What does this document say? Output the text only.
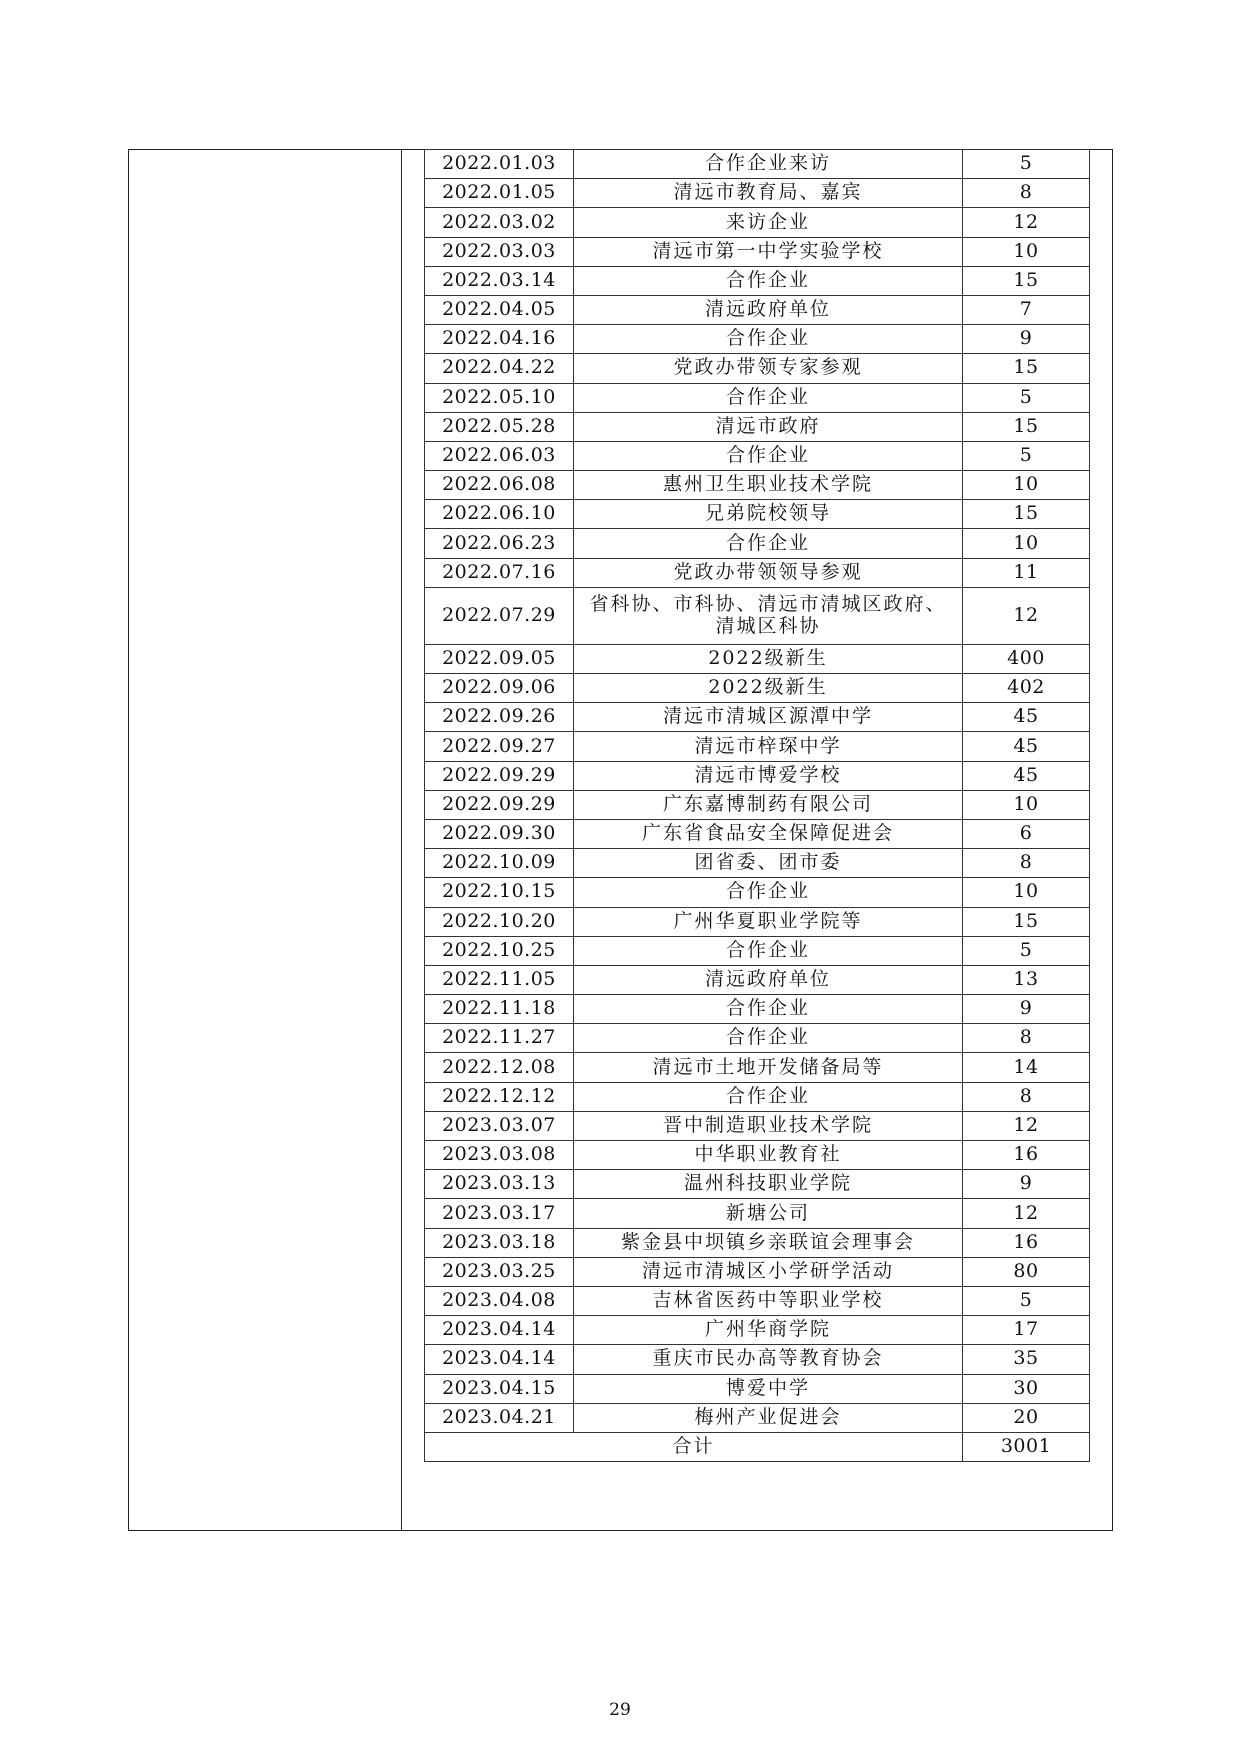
2022.01.03	合作企业来访	5
2022.01.05	清远市教育局、嘉宾	8
2022.03.02	来访企业	12
2022.03.03	清远市第一中学实验学校	10
2022.03.14	合作企业	15
2022.04.05	清远政府单位	7
2022.04.16	合作企业	9
2022.04.22	党政办带领专家参观	15
2022.05.10	合作企业	5
2022.05.28	清远市政府	15
2022.06.03	合作企业	5
2022.06.08	惠州卫生职业技术学院	10
2022.06.10	兄弟院校领导	15
2022.06.23	合作企业	10
2022.07.16	党政办带领领导参观	11
2022.07.29	省科协、市科协、清远市清城区政府、
清城区科协	12
2022.09.05	2022级新生	400
2022.09.06	2022级新生	402
2022.09.26	清远市清城区源潭中学	45
2022.09.27	清远市梓琛中学	45
2022.09.29	清远市博爱学校	45
2022.09.29	广东嘉博制药有限公司	10
2022.09.30	广东省食品安全保障促进会	6
2022.10.09	团省委、团市委	8
2022.10.15	合作企业	10
2022.10.20	广州华夏职业学院等	15
2022.10.25	合作企业	5
2022.11.05	清远政府单位	13
2022.11.18	合作企业	9
2022.11.27	合作企业	8
2022.12.08	清远市土地开发储备局等	14
2022.12.12	合作企业	8
2023.03.07	晋中制造职业技术学院	12
2023.03.08	中华职业教育社	16
2023.03.13	温州科技职业学院	9
2023.03.17	新塘公司	12
2023.03.18	紫金县中坝镇乡亲联谊会理事会	16
2023.03.25	清远市清城区小学研学活动	80
2023.04.08	吉林省医药中等职业学校	5
2023.04.14	广州华商学院	17
2023.04.14	重庆市民办高等教育协会	35
2023.04.15	博爱中学	30
2023.04.21	梅州产业促进会	20
合计		3001
29
